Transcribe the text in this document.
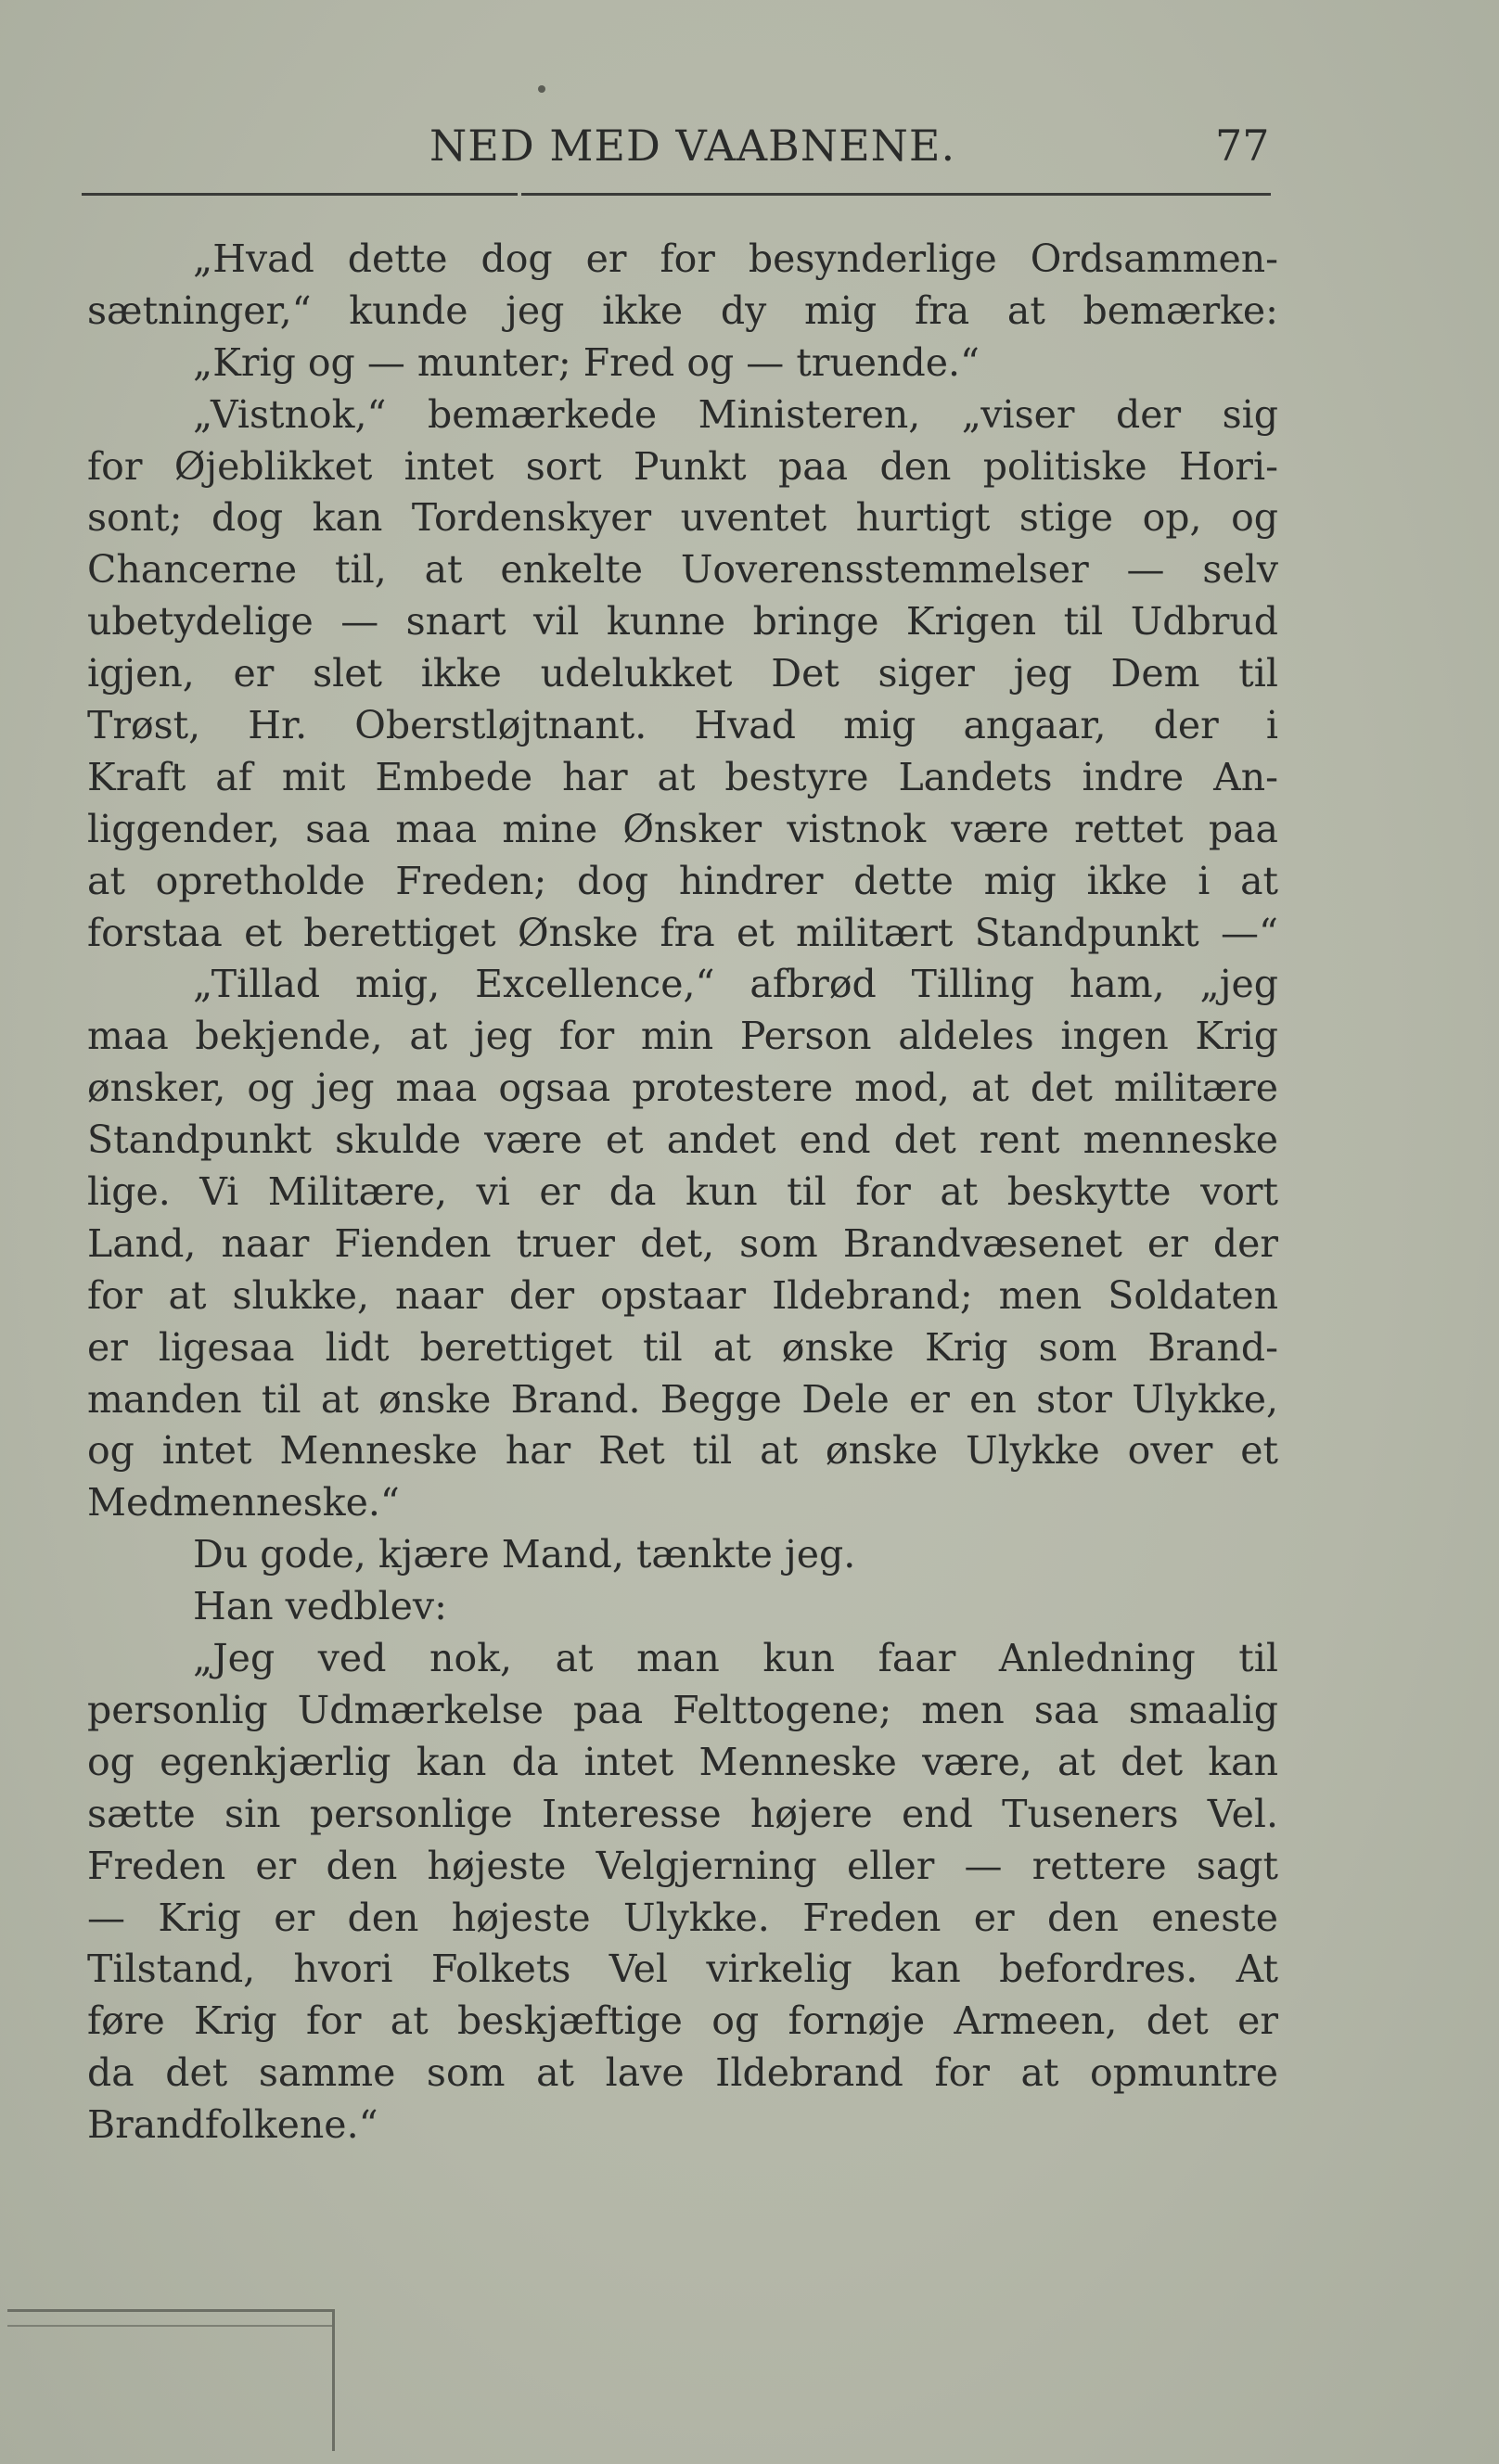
NED MED VAABNENE.	77
„Hvad dette dog er for besynderlige Ordsammen-
sætninger,“ kunde jeg ikke dy mig fra at bemærke:
„Krig og — munter; Fred og — truende.“
„Vistnok,“ bemærkede Ministeren, „viser der sig
for Øjeblikket intet sort Punkt paa den politiske Hori-
sont; dog kan Tordenskyer uventet hurtigt stige op, og
Chancerne til, at enkelte Uoverensstemmelser — selv
ubetydelige — snart vil kunne bringe Krigen til Udbrud
igjen, er slet ikke udelukket Det siger jeg Dem til
Trøst, Hr. Oberstløjtnant. Hvad mig angaar, der i
Kraft af mit Embede har at bestyre Landets indre An-
liggender, saa maa mine Ønsker vistnok være rettet paa
at opretholde Freden; dog hindrer dette mig ikke i at
forstaa et berettiget Ønske fra et militært Standpunkt —“
„Tillad mig, Excellence,“ afbrød Tilling ham, „jeg
maa bekjende, at jeg for min Person aldeles ingen Krig
ønsker, og jeg maa ogsaa protestere mod, at det militære
Standpunkt skulde være et andet end det rent menneske
lige. Vi Militære, vi er da kun til for at beskytte vort
Land, naar Fienden truer det, som Brandvæsenet er der
for at slukke, naar der opstaar Ildebrand; men Soldaten
er ligesaa lidt berettiget til at ønske Krig som Brand-
manden til at ønske Brand. Begge Dele er en stor Ulykke,
og intet Menneske har Ret til at ønske Ulykke over et
Medmenneske.“
Du gode, kjære Mand, tænkte jeg.
Han vedblev:
„Jeg ved nok, at man kun faar Anledning til
personlig Udmærkelse paa Felttogene; men saa smaalig
og egenkjærlig kan da intet Menneske være, at det kan
sætte sin personlige Interesse højere end Tuseners Vel.
Freden er den højeste Velgjerning eller — rettere sagt
— Krig er den højeste Ulykke. Freden er den eneste
Tilstand, hvori Folkets Vel virkelig kan befordres. At
føre Krig for at beskjæftige og fornøje Armeen, det er
da det samme som at lave Ildebrand for at opmuntre
Brandfolkene.“
